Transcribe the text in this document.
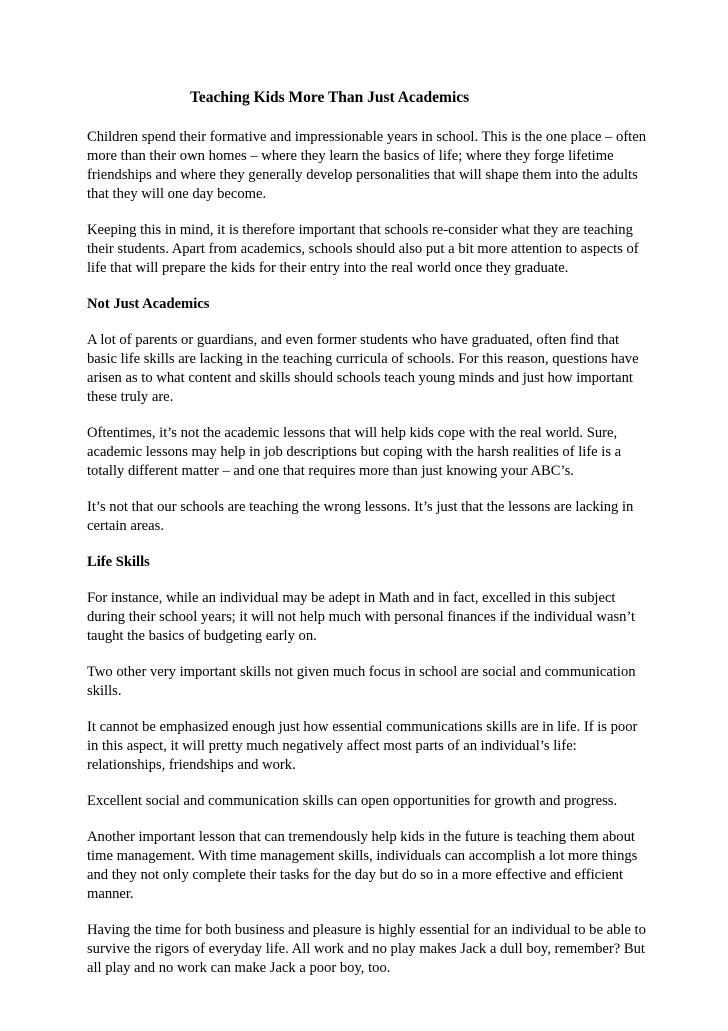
Teaching Kids More Than Just Academics

Children spend their formative and impressionable years in school. This is the one place – often more than their own homes – where they learn the basics of life; where they forge lifetime friendships and where they generally develop personalities that will shape them into the adults that they will one day become.

Keeping this in mind, it is therefore important that schools re-consider what they are teaching their students. Apart from academics, schools should also put a bit more attention to aspects of life that will prepare the kids for their entry into the real world once they graduate.

Not Just Academics

A lot of parents or guardians, and even former students who have graduated, often find that basic life skills are lacking in the teaching curricula of schools. For this reason, questions have arisen as to what content and skills should schools teach young minds and just how important these truly are.

Oftentimes, it’s not the academic lessons that will help kids cope with the real world. Sure, academic lessons may help in job descriptions but coping with the harsh realities of life is a totally different matter – and one that requires more than just knowing your ABC’s.

It’s not that our schools are teaching the wrong lessons. It’s just that the lessons are lacking in certain areas.

Life Skills

For instance, while an individual may be adept in Math and in fact, excelled in this subject during their school years; it will not help much with personal finances if the individual wasn’t taught the basics of budgeting early on.

Two other very important skills not given much focus in school are social and communication skills.

It cannot be emphasized enough just how essential communications skills are in life. If is poor in this aspect, it will pretty much negatively affect most parts of an individual’s life: relationships, friendships and work.

Excellent social and communication skills can open opportunities for growth and progress.

Another important lesson that can tremendously help kids in the future is teaching them about time management. With time management skills, individuals can accomplish a lot more things and they not only complete their tasks for the day but do so in a more effective and efficient manner.

Having the time for both business and pleasure is highly essential for an individual to be able to survive the rigors of everyday life. All work and no play makes Jack a dull boy, remember? But all play and no work can make Jack a poor boy, too.
